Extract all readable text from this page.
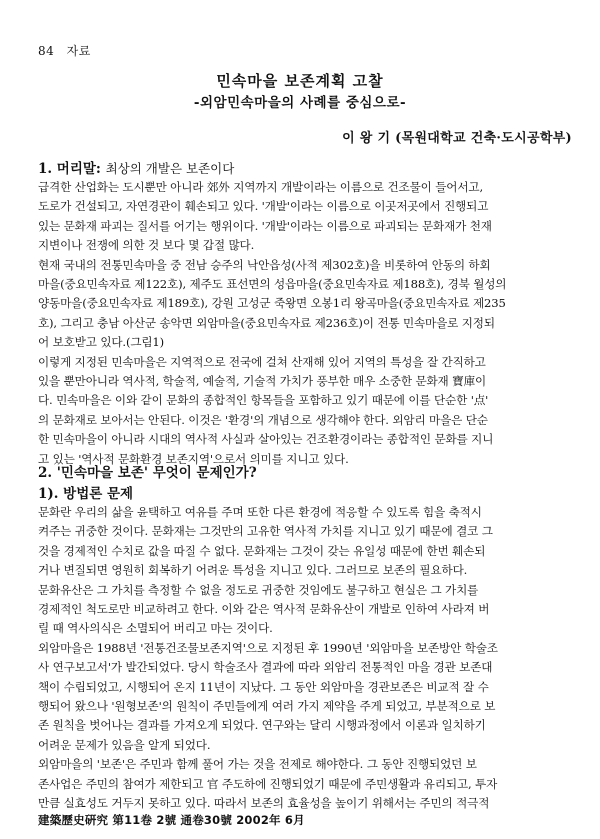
84 자료
민속마을 보존계획 고찰
-외암민속마을의 사례를 중심으로-
이 왕 기 (목원대학교 건축·도시공학부)
1. 머리말: 최상의 개발은 보존이다
급격한 산업화는 도시뿐만 아니라 郊外 지역까지 개발이라는 이름으로 건조물이 들어서고,
도로가 건설되고, 자연경관이 훼손되고 있다. '개발'이라는 이름으로 이곳저곳에서 진행되고
있는 문화재 파괴는 질서를 어기는 행위이다. '개발'이라는 이름으로 파괴되는 문화재가 천재
지변이나 전쟁에 의한 것 보다 몇 갑절 많다.
현재 국내의 전통민속마을 중 전남 승주의 낙안읍성(사적 제302호)을 비롯하여 안동의 하회
마을(중요민속자료 제122호), 제주도 표선면의 성읍마을(중요민속자료 제188호), 경북 월성의
양동마을(중요민속자료 제189호), 강원 고성군 죽왕면 오봉1리 왕곡마을(중요민속자료 제235
호), 그리고 충남 아산군 송악면 외암마을(중요민속자료 제236호)이 전통 민속마을로 지정되
어 보호받고 있다.(그림1)
이렇게 지정된 민속마을은 지역적으로 전국에 걸쳐 산재해 있어 지역의 특성을 잘 간직하고
있을 뿐만아니라 역사적, 학술적, 예술적, 기술적 가치가 풍부한 매우 소중한 문화재 寶庫이
다. 민속마을은 이와 같이 문화의 종합적인 항목들을 포함하고 있기 때문에 이를 단순한 '点'
의 문화재로 보아서는 안된다. 이것은 '환경'의 개념으로 생각해야 한다. 외암리 마을은 단순
한 민속마을이 아니라 시대의 역사적 사실과 살아있는 건조환경이라는 종합적인 문화를 지니
고 있는 '역사적 문화환경 보존지역'으로서 의미를 지니고 있다.
2. '민속마을 보존' 무엇이 문제인가?
1). 방법론 문제
문화란 우리의 삶을 윤택하고 여유를 주며 또한 다른 환경에 적응할 수 있도록 힘을 축적시
켜주는 귀중한 것이다. 문화재는 그것만의 고유한 역사적 가치를 지니고 있기 때문에 결코 그
것을 경제적인 수치로 값을 따질 수 없다. 문화재는 그것이 갖는 유일성 때문에 한번 훼손되
거나 변질되면 영원히 회복하기 어려운 특성을 지니고 있다. 그러므로 보존의 필요하다.
문화유산은 그 가치를 측정할 수 없을 정도로 귀중한 것임에도 불구하고 현실은 그 가치를
경제적인 척도로만 비교하려고 한다. 이와 같은 역사적 문화유산이 개발로 인하여 사라져 버
릴 때 역사의식은 소멸되어 버리고 마는 것이다.
외암마을은 1988년 '전통건조물보존지역'으로 지정된 후 1990년 '외암마을 보존방안 학술조
사 연구보고서'가 발간되었다. 당시 학술조사 결과에 따라 외암리 전통적인 마을 경관 보존대
책이 수립되었고, 시행되어 온지 11년이 지났다. 그 동안 외암마을 경관보존은 비교적 잘 수
행되어 왔으나 '원형보존'의 원칙이 주민들에게 여러 가지 제약을 주게 되었고, 부분적으로 보
존 원칙을 벗어나는 결과를 가져오게 되었다. 연구와는 달리 시행과정에서 이론과 일치하기
어려운 문제가 있음을 알게 되었다.
외암마을의 '보존'은 주민과 함께 풀어 가는 것을 전제로 해야한다. 그 동안 진행되었던 보
존사업은 주민의 참여가 제한되고 官 주도하에 진행되었기 때문에 주민생활과 유리되고, 투자
만큼 실효성도 거두지 못하고 있다. 따라서 보존의 효율성을 높이기 위해서는 주민의 적극적
建築歷史硏究 第11卷 2號 通卷30號 2002年 6月
